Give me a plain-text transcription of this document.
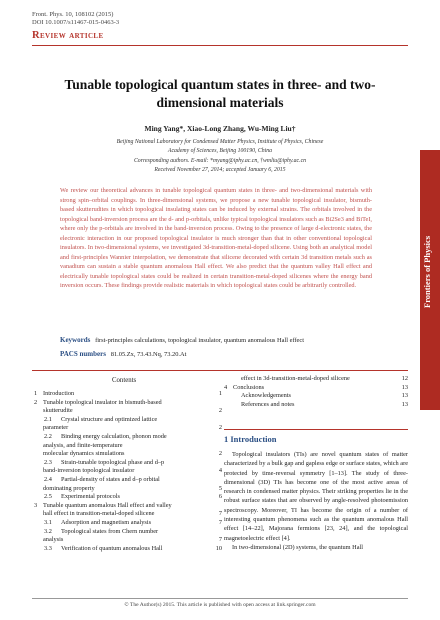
Front. Phys. 10, 108102 (2015)
DOI 10.1007/s11467-015-0463-3
Review article
Tunable topological quantum states in three- and two-dimensional materials
Ming Yang*, Xiao-Long Zhang, Wu-Ming Liu†
Beijing National Laboratory for Condensed Matter Physics, Institute of Physics, Chinese
Academy of Sciences, Beijing 100190, China
Corresponding authors. E-mail: *myang@iphy.ac.cn, †wmliu@iphy.ac.cn
Received November 27, 2014; accepted January 6, 2015
We review our theoretical advances in tunable topological quantum states in three- and two-dimensional materials with strong spin–orbital couplings. In three-dimensional systems, we propose a new tunable topological insulator, bismuth-based skutterudites in which topological insulating states can be induced by external strains. The orbitals involved in the topological band-inversion process are the d- and p-orbitals, unlike typical topological insulators such as Bi2Se3 and BiTeI, where only the p-orbitals are involved in the band-inversion process. Owing to the presence of large d-electronic states, the electronic interaction in our proposed topological insulator is much stronger than that in other conventional topological insulators. In two-dimensional systems, we investigated 3d-transition-metal-doped silicene. Using both an analytical model and first-principles Wannier interpolation, we demonstrate that silicene decorated with certain 3d transition metals such as vanadium can sustain a stable quantum anomalous Hall effect. We also predict that the quantum valley Hall effect and electrically tunable topological states could be realized in certain transition-metal-doped silicenes where the energy band inversion occurs. These findings provide realistic materials in which topological states could be arbitrarily controlled.
Keywords first-principles calculations, topological insulator, quantum anomalous Hall effect
PACS numbers 81.05.Zx, 73.43.Nq, 73.20.At
Frontiers of Physics
Contents
1 Introduction	1
2 Tunable topological insulator in bismuth-based
skutterudite	2
2.1 Crystal structure and optimized lattice
parameter	2
2.2 Binding energy calculation, phonon mode
analysis, and finite-temperature
molecular dynamics simulations	2
2.3 Strain-tunable topological phase and d–p
band-inversion topological insulator	4
2.4 Partial-density of states and d–p orbital
dominating property	5
2.5 Experimental protocols	6
3 Tunable quantum anomalous Hall effect and valley
hall effect in transition-metal-doped silicene	7
3.1 Adsorption and magnetism analysis	7
3.2 Topological states from Chern number
analysis	7
3.3 Verification of quantum anomalous Hall	10
effect in 3d-transition-metal-doped silicene	12
4 Conclusions	13
Acknowledgements	13
References and notes	13
1 Introduction
Topological insulators (TIs) are novel quantum states of matter characterized by a bulk gap and gapless edge or surface states, which are protected by time-reversal symmetry [1–13]. The study of three-dimensional (3D) TIs has become one of the most active areas of research in condensed matter physics. Their striking properties lie in the robust surface states that are observed by angle-resolved photoemission spectroscopy. Moreover, TI has become the origin of a number of interesting quantum phenomena such as the quantum anomalous Hall effect [14–22], Majorana fermions [23, 24], and the topological magnetoelectric effect [4].
In two-dimensional (2D) systems, the quantum Hall
© The Author(s) 2015. This article is published with open access at link.springer.com
